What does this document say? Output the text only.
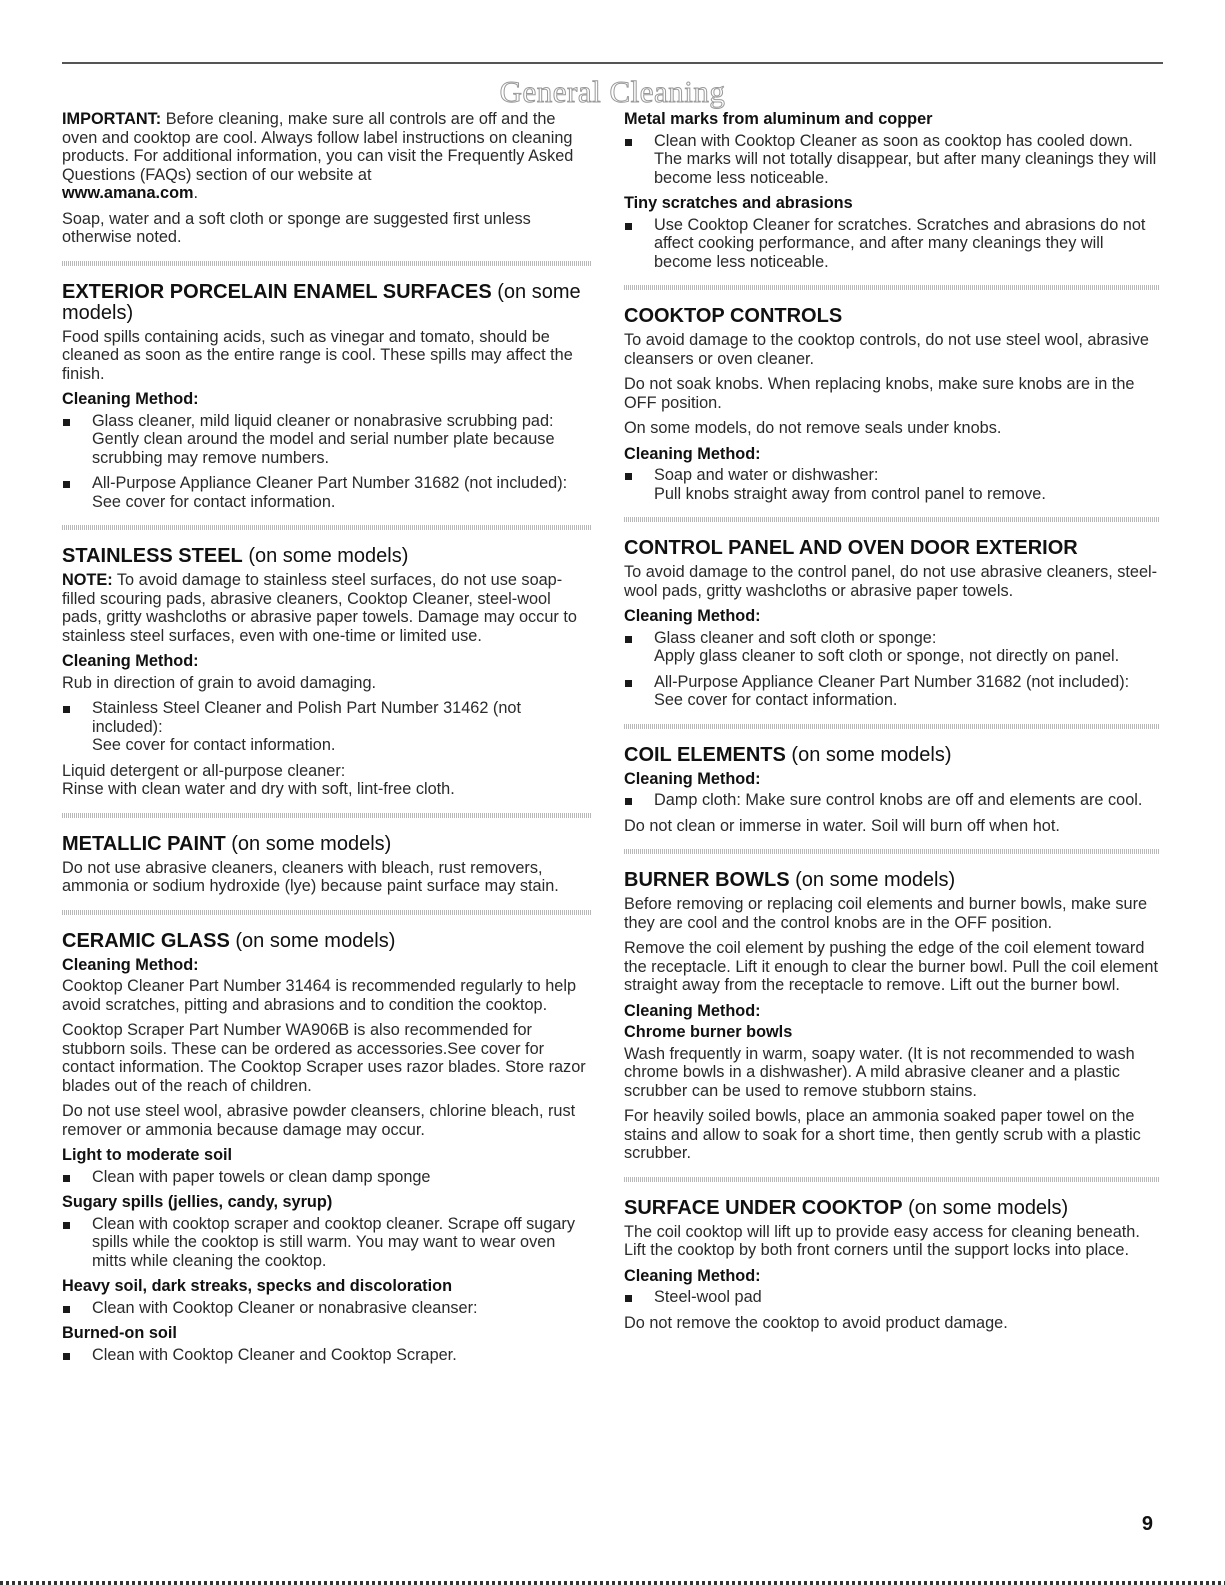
General Cleaning

IMPORTANT: Before cleaning, make sure all controls are off and the oven and cooktop are cool. Always follow label instructions on cleaning products. For additional information, you can visit the Frequently Asked Questions (FAQs) section of our website at
www.amana.com.

Soap, water and a soft cloth or sponge are suggested first unless otherwise noted.

EXTERIOR PORCELAIN ENAMEL SURFACES (on some models)

Food spills containing acids, such as vinegar and tomato, should be cleaned as soon as the entire range is cool. These spills may affect the finish.

Cleaning Method:

Glass cleaner, mild liquid cleaner or nonabrasive scrubbing pad:
Gently clean around the model and serial number plate because scrubbing may remove numbers.
All-Purpose Appliance Cleaner Part Number 31682 (not included):
See cover for contact information.
STAINLESS STEEL (on some models)

NOTE: To avoid damage to stainless steel surfaces, do not use soap-filled scouring pads, abrasive cleaners, Cooktop Cleaner, steel-wool pads, gritty washcloths or abrasive paper towels. Damage may occur to stainless steel surfaces, even with one-time or limited use.

Cleaning Method:

Rub in direction of grain to avoid damaging.

Stainless Steel Cleaner and Polish Part Number 31462 (not included):
See cover for contact information.

Liquid detergent or all-purpose cleaner:
Rinse with clean water and dry with soft, lint-free cloth.

METALLIC PAINT (on some models)

Do not use abrasive cleaners, cleaners with bleach, rust removers, ammonia or sodium hydroxide (lye) because paint surface may stain.

CERAMIC GLASS (on some models)

Cleaning Method:

Cooktop Cleaner Part Number 31464 is recommended regularly to help avoid scratches, pitting and abrasions and to condition the cooktop.

Cooktop Scraper Part Number WA906B is also recommended for stubborn soils. These can be ordered as accessories.See cover for contact information. The Cooktop Scraper uses razor blades. Store razor blades out of the reach of children.

Do not use steel wool, abrasive powder cleansers, chlorine bleach, rust remover or ammonia because damage may occur.

Light to moderate soil

Clean with paper towels or clean damp sponge

Sugary spills (jellies, candy, syrup)

Clean with cooktop scraper and cooktop cleaner. Scrape off sugary spills while the cooktop is still warm. You may want to wear oven mitts while cleaning the cooktop.

Heavy soil, dark streaks, specks and discoloration

Clean with Cooktop Cleaner or nonabrasive cleanser:

Burned-on soil

Clean with Cooktop Cleaner and Cooktop Scraper.

Metal marks from aluminum and copper

Clean with Cooktop Cleaner as soon as cooktop has cooled down. The marks will not totally disappear, but after many cleanings they will become less noticeable.

Tiny scratches and abrasions

Use Cooktop Cleaner for scratches. Scratches and abrasions do not affect cooking performance, and after many cleanings they will become less noticeable.
COOKTOP CONTROLS

To avoid damage to the cooktop controls, do not use steel wool, abrasive cleansers or oven cleaner.

Do not soak knobs. When replacing knobs, make sure knobs are in the OFF position.

On some models, do not remove seals under knobs.

Cleaning Method:

Soap and water or dishwasher:
Pull knobs straight away from control panel to remove.
CONTROL PANEL AND OVEN DOOR EXTERIOR

To avoid damage to the control panel, do not use abrasive cleaners, steel-wool pads, gritty washcloths or abrasive paper towels.

Cleaning Method:

Glass cleaner and soft cloth or sponge:
Apply glass cleaner to soft cloth or sponge, not directly on panel.
All-Purpose Appliance Cleaner Part Number 31682 (not included):
See cover for contact information.
COIL ELEMENTS (on some models)

Cleaning Method:

Damp cloth: Make sure control knobs are off and elements are cool.

Do not clean or immerse in water. Soil will burn off when hot.

BURNER BOWLS (on some models)

Before removing or replacing coil elements and burner bowls, make sure they are cool and the control knobs are in the OFF position.

Remove the coil element by pushing the edge of the coil element toward the receptacle. Lift it enough to clear the burner bowl. Pull the coil element straight away from the receptacle to remove. Lift out the burner bowl.

Cleaning Method:

Chrome burner bowls

Wash frequently in warm, soapy water. (It is not recommended to wash chrome bowls in a dishwasher). A mild abrasive cleaner and a plastic scrubber can be used to remove stubborn stains.

For heavily soiled bowls, place an ammonia soaked paper towel on the stains and allow to soak for a short time, then gently scrub with a plastic scrubber.

SURFACE UNDER COOKTOP (on some models)

The coil cooktop will lift up to provide easy access for cleaning beneath. Lift the cooktop by both front corners until the support locks into place.

Cleaning Method:

Steel-wool pad

Do not remove the cooktop to avoid product damage.

9
